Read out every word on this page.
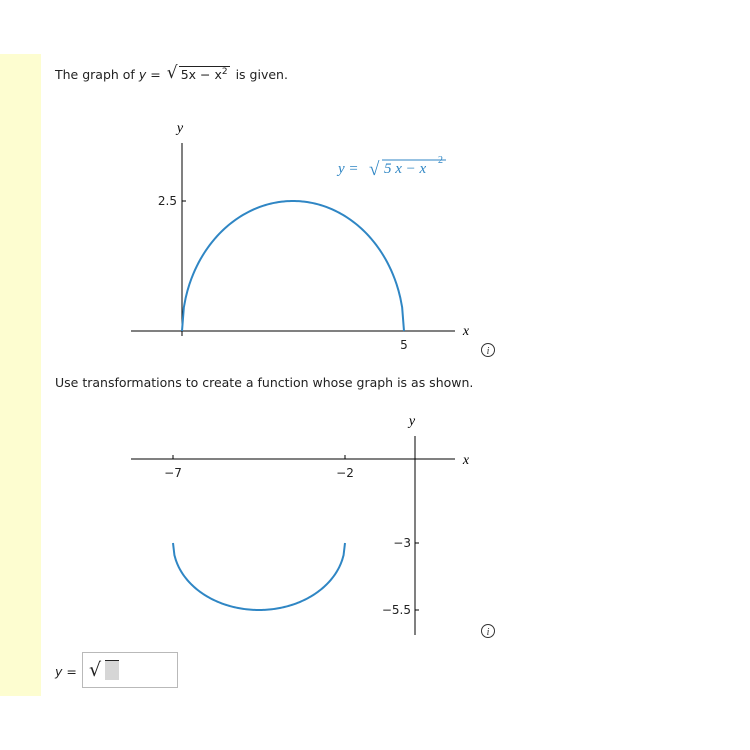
The graph of y = √ $5x - x^2$ is given.
Use transformations to create a function whose graph is as shown.
y
x
2.5
5
y = √ 5 x − x
2
i
y
x
−7	−2
−3
−5.5
i
y = √
